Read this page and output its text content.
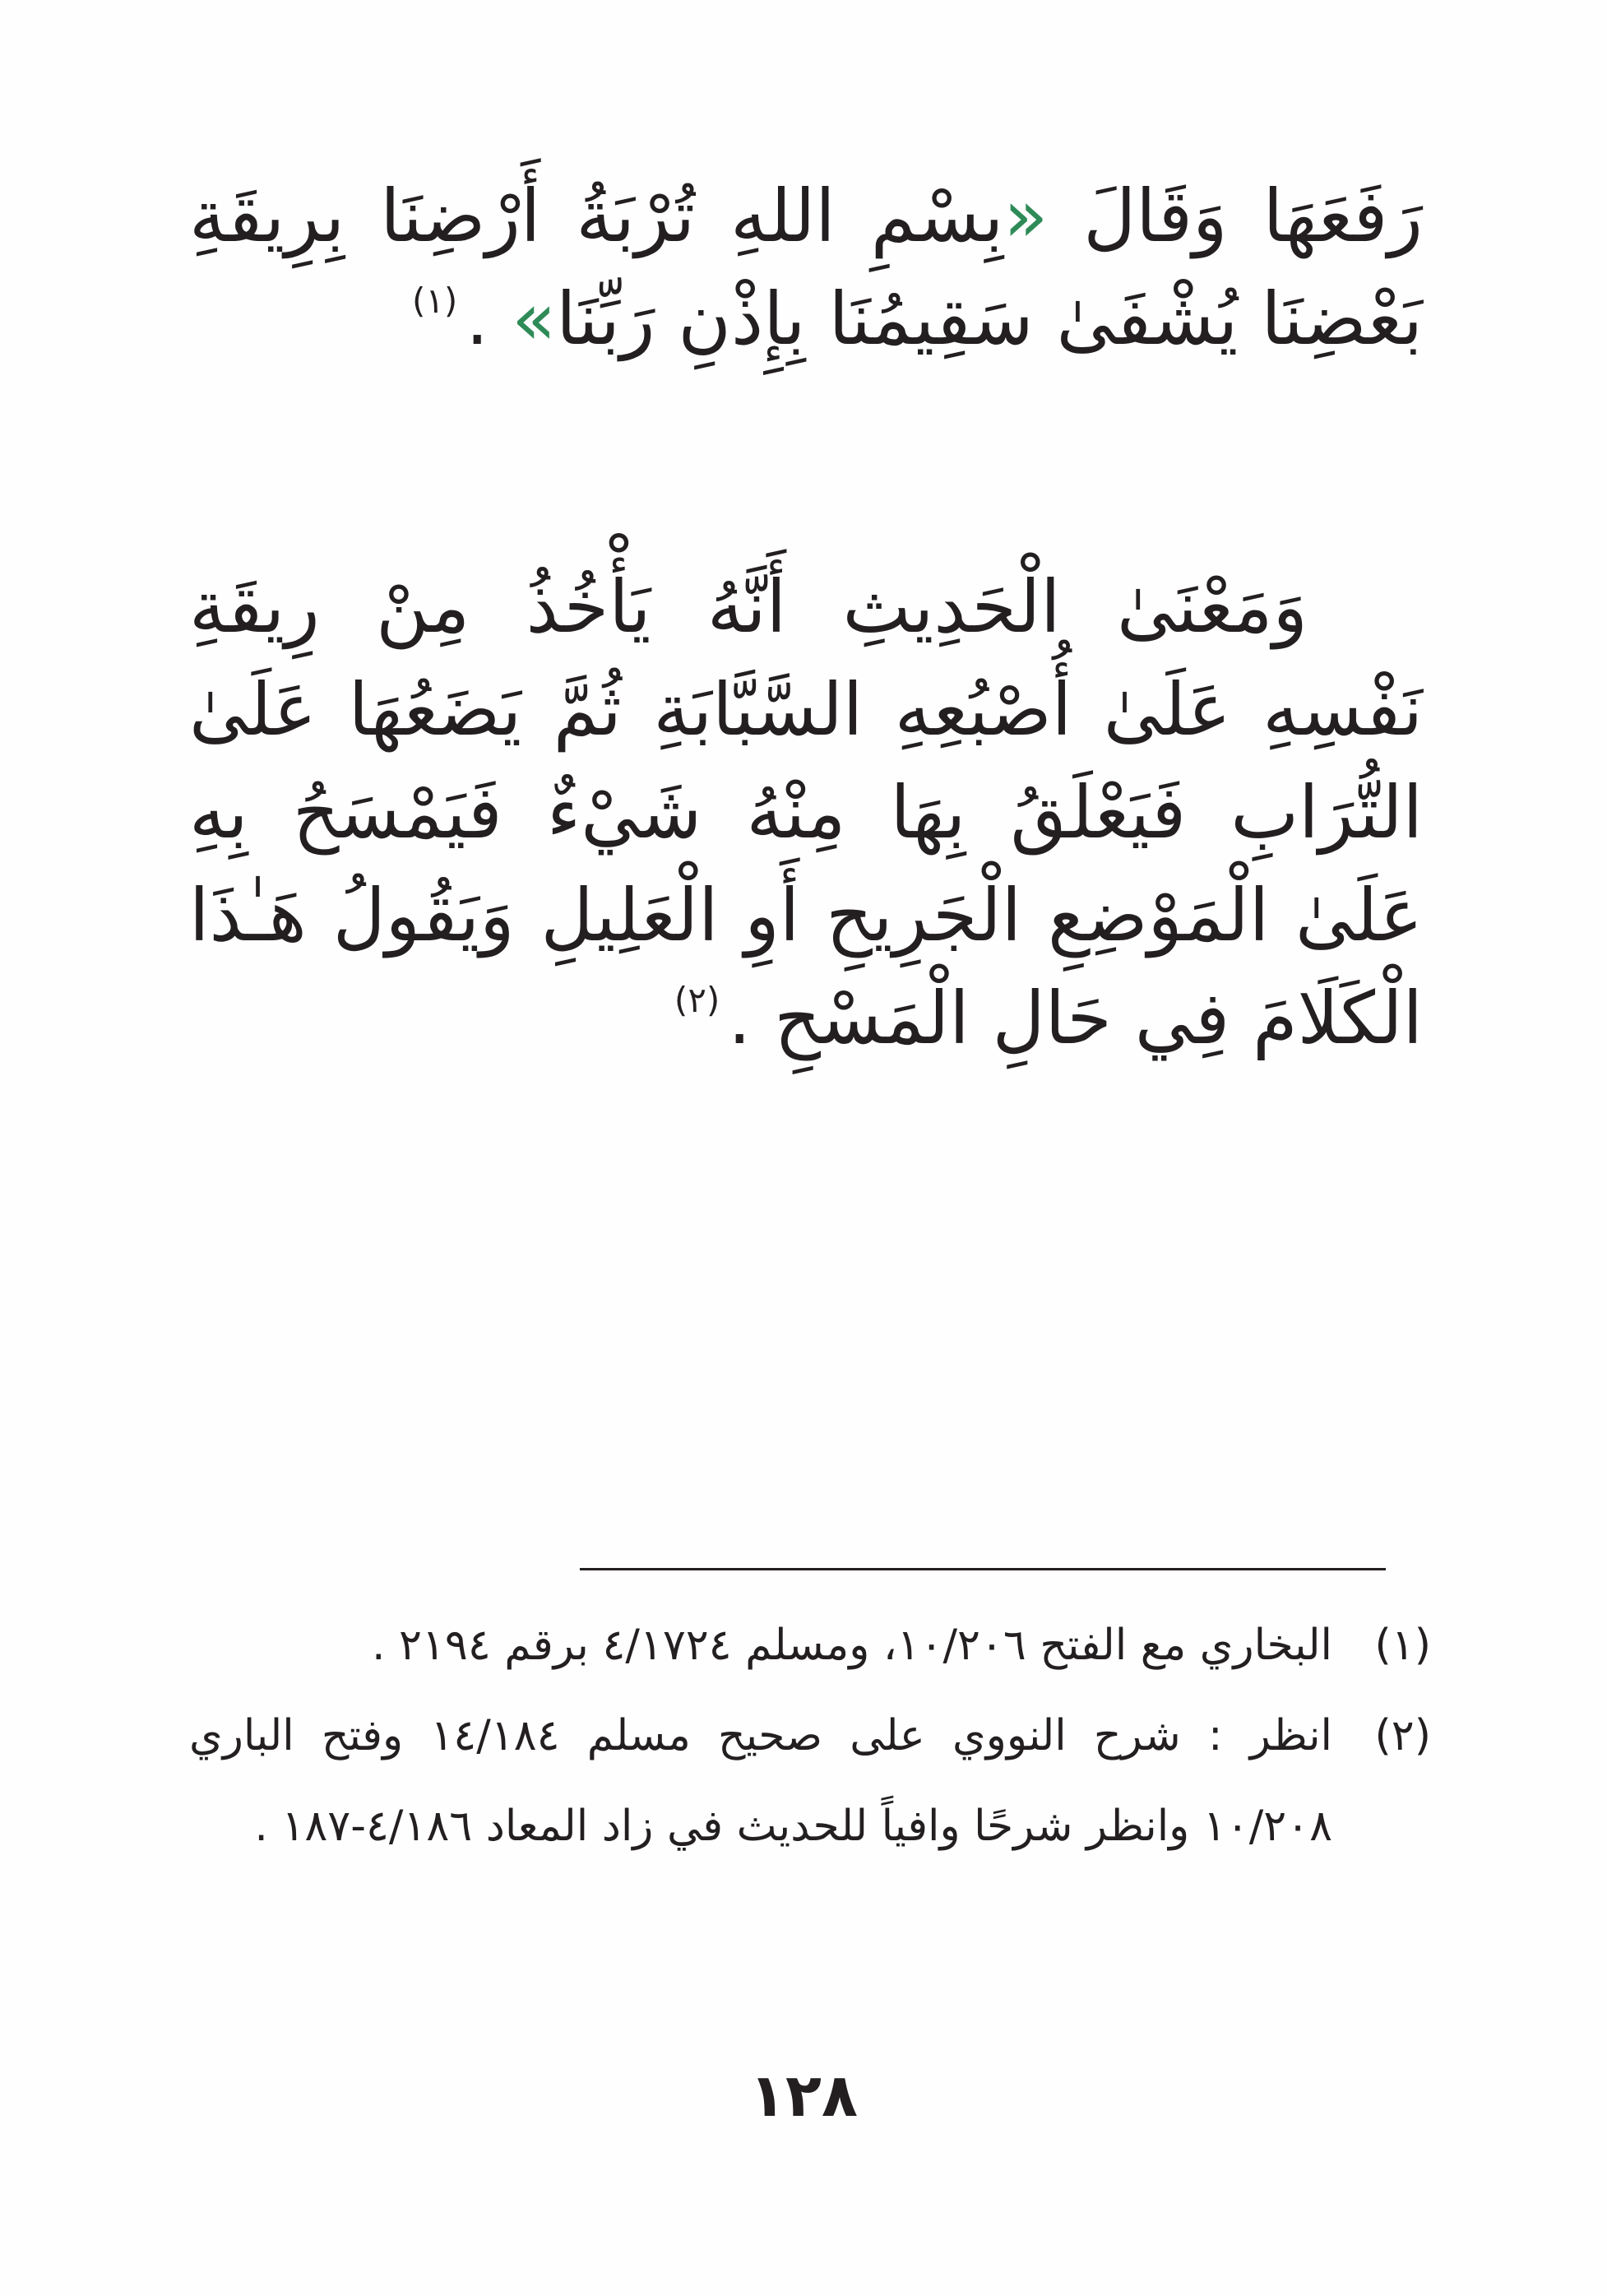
رَفَعَهَا وَقَالَ «بِسْمِ اللهِ تُرْبَةُ أَرْضِنَا بِرِيقَةِ بَعْضِنَا يُشْفَىٰ سَقِيمُنَا بِإِذْنِ رَبِّنَا» .$^{(١)}$

وَمَعْنَىٰ الْحَدِيثِ أَنَّهُ يَأْخُذُ مِنْ رِيقَةِ نَفْسِهِ عَلَىٰ أُصْبُعِهِ السَّبَّابَةِ ثُمَّ يَضَعُهَا عَلَىٰ التُّرَابِ فَيَعْلَقُ بِهَا مِنْهُ شَيْءٌ فَيَمْسَحُ بِهِ عَلَىٰ الْمَوْضِعِ الْجَرِيحِ أَوِ الْعَلِيلِ وَيَقُولُ هَـٰذَا الْكَلَامَ فِي حَالِ الْمَسْحِ .$^{(٢)}$

(١)
البخاري مع الفتح ١٠/٢٠٦، ومسلم ٤/١٧٢٤ برقم ٢١٩٤ .
(٢)
انظر : شرح النووي على صحيح مسلم ١٤/١٨٤ وفتح الباري ١٠/٢٠٨ وانظر شرحًا وافياً للحديث في زاد المعاد ٤/١٨٦-١٨٧ .
١٢٨
